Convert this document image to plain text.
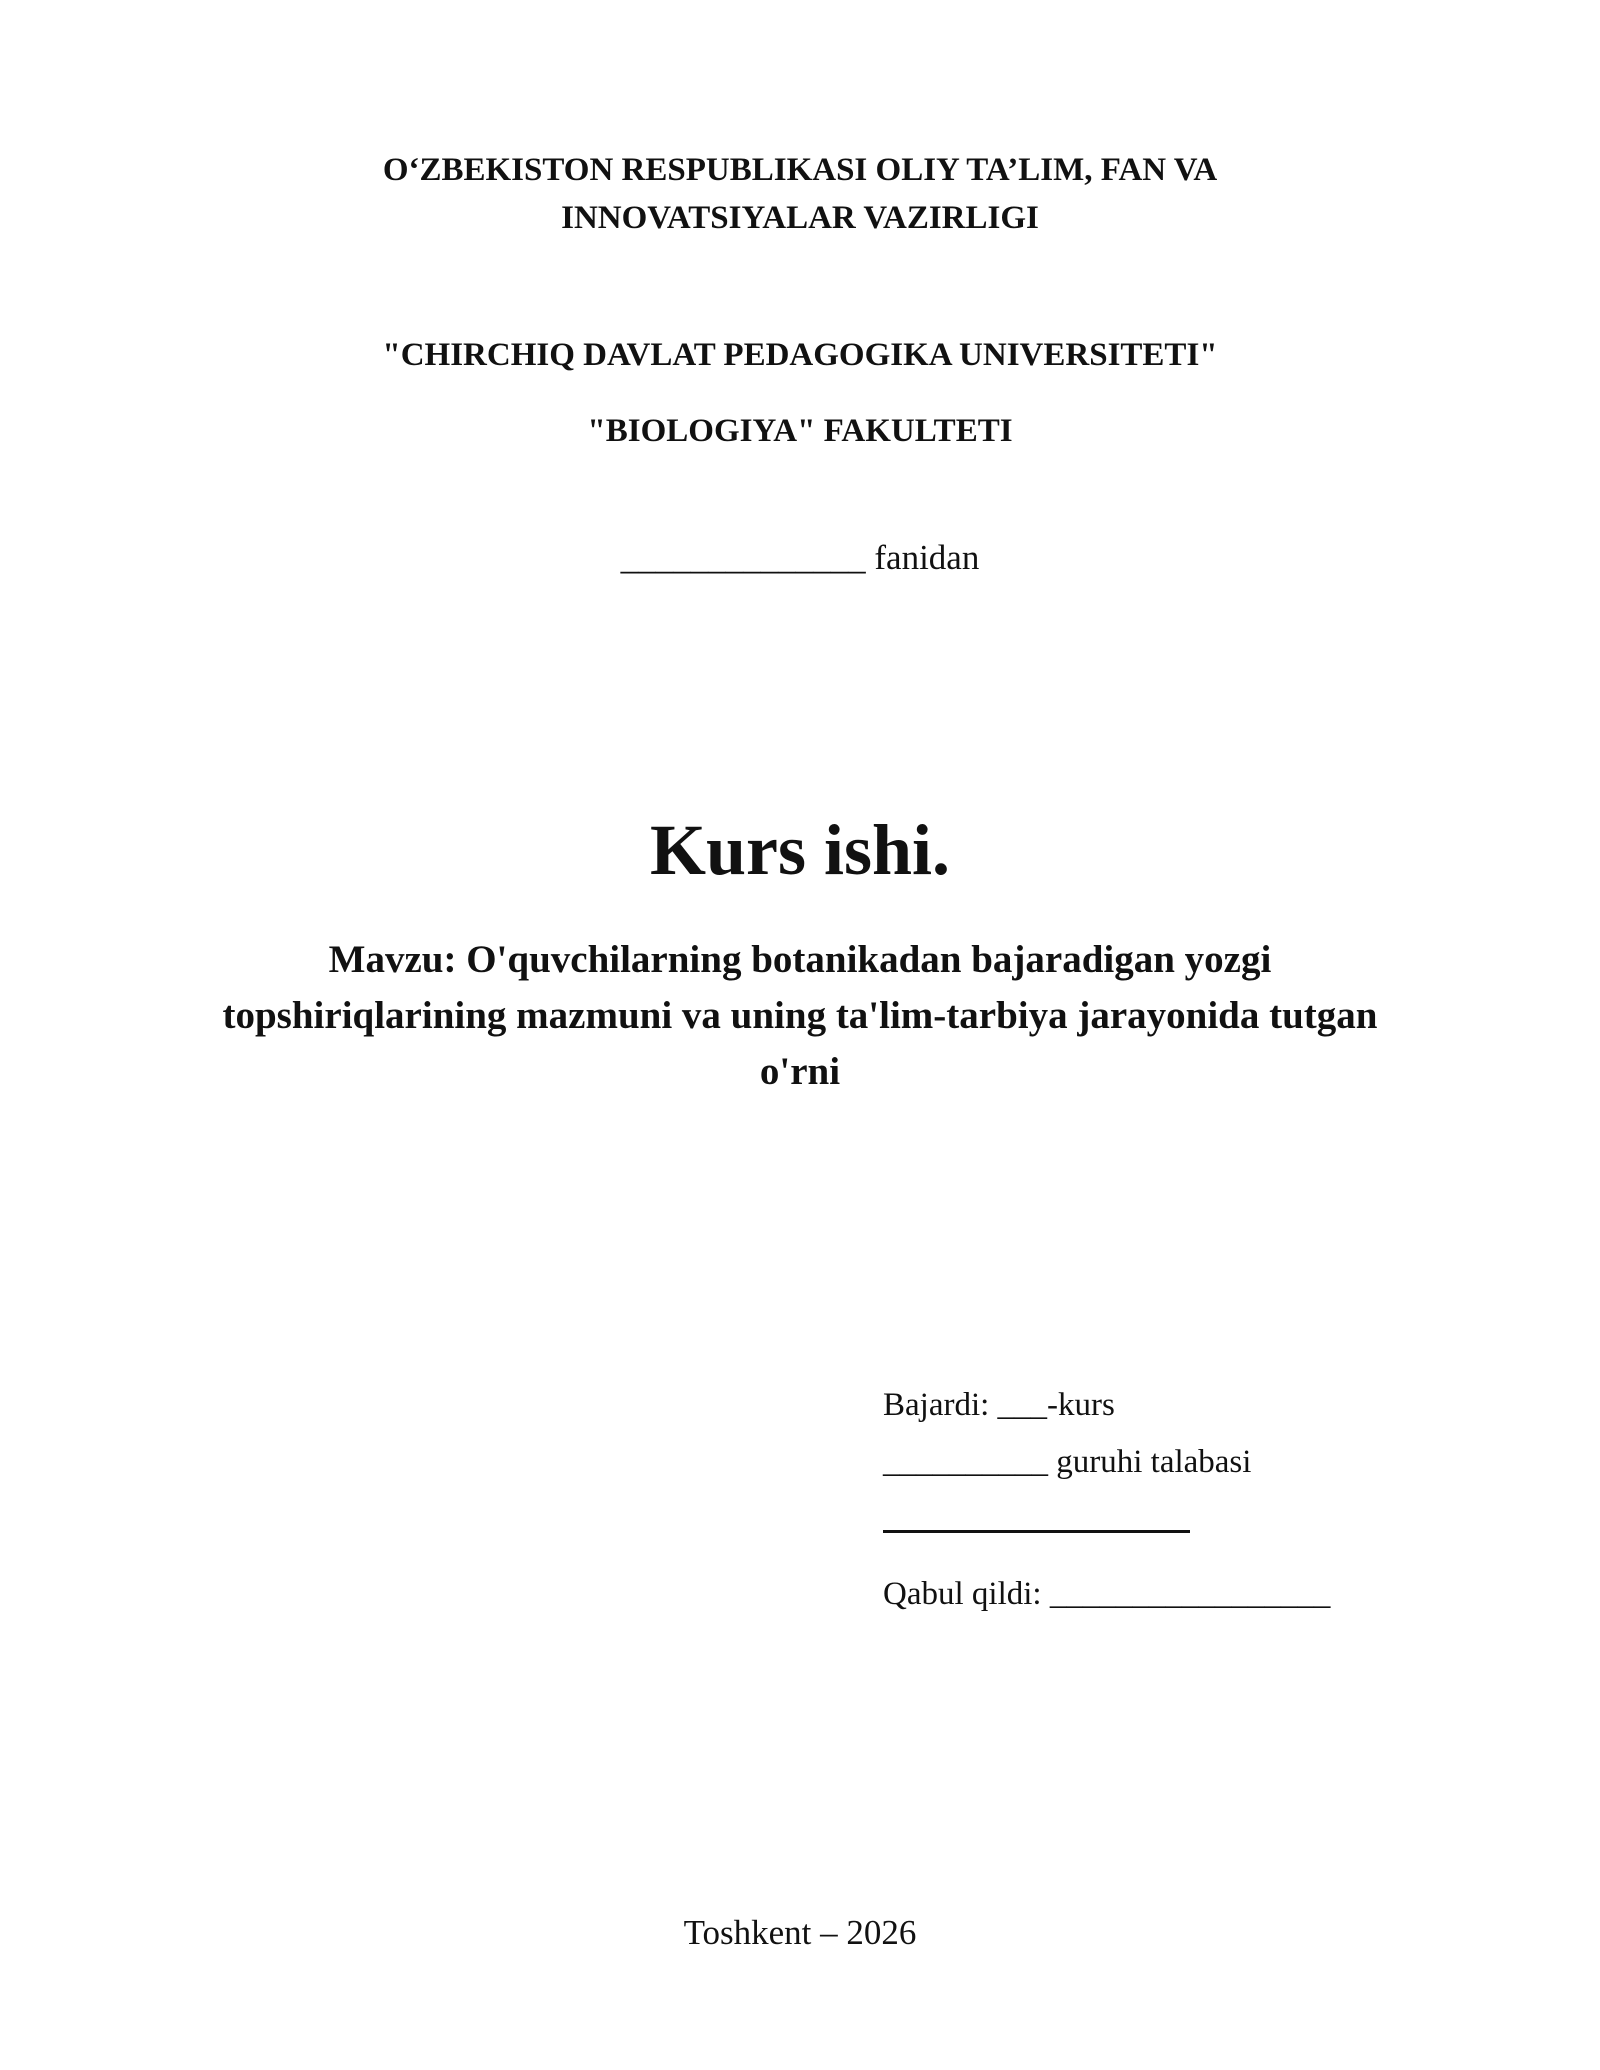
O‘ZBEKISTON RESPUBLIKASI OLIY TA’LIM, FAN VA
INNOVATSIYALAR VAZIRLIGI
"CHIRCHIQ DAVLAT PEDAGOGIKA UNIVERSITETI"
"BIOLOGIYA" FAKULTETI
______________ fanidan
Kurs ishi.
Mavzu: O'quvchilarning botanikadan bajaradigan yozgi
topshiriqlarining mazmuni va uning ta'lim-tarbiya jarayonida tutgan
o'rni
Bajardi: ___-kurs
__________ guruhi talabasi
Qabul qildi: _________________
Toshkent – 2026
